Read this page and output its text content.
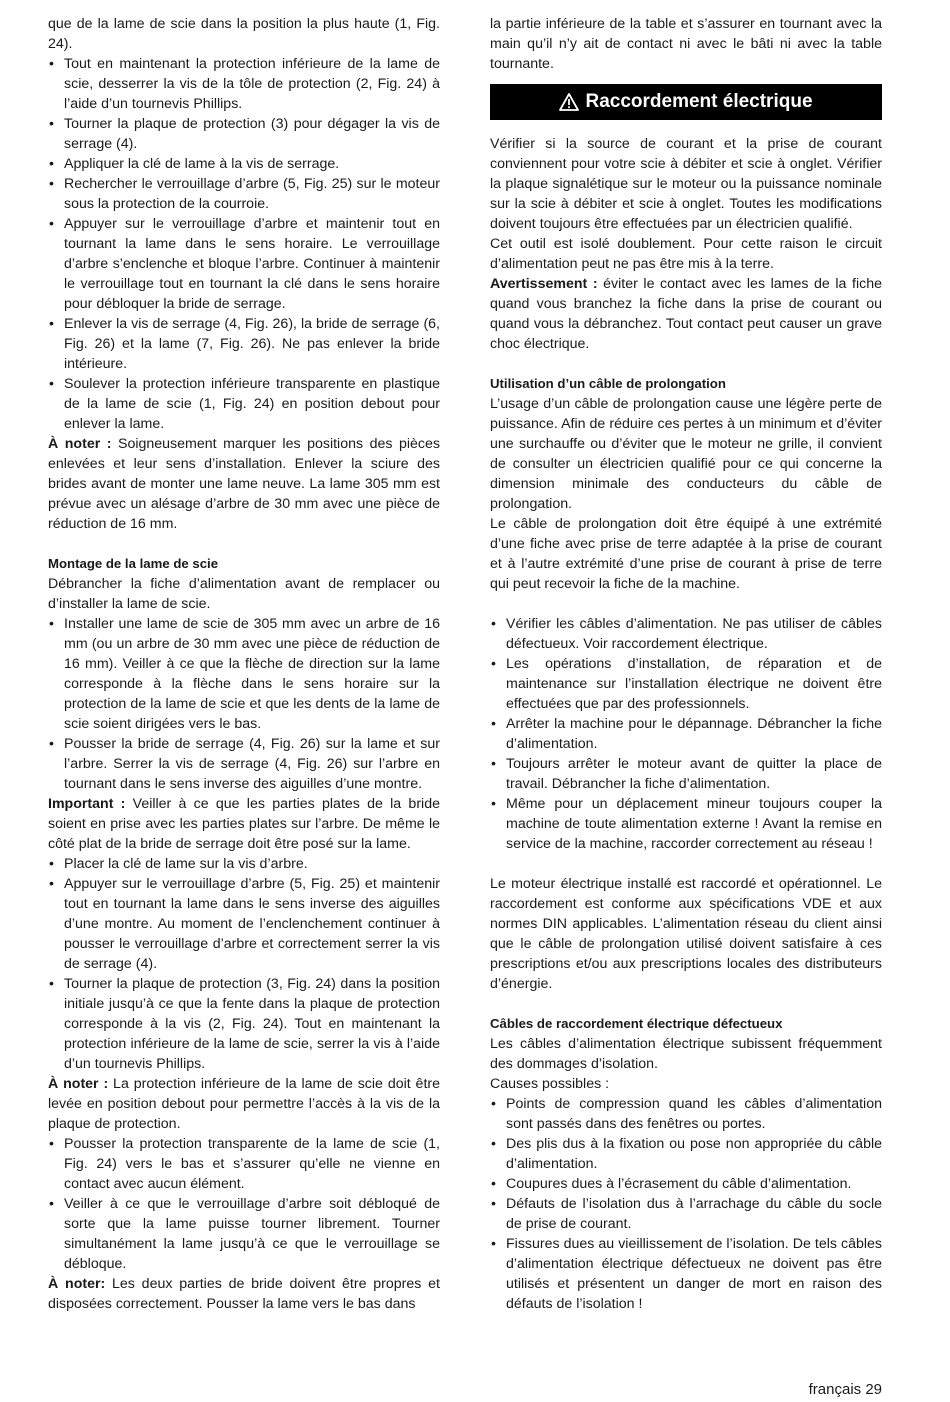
que de la lame de scie dans la position la plus haute (1, Fig. 24).

• Tout en maintenant la protection inférieure de la lame de scie, desserrer la vis de la tôle de protection (2, Fig. 24) à l’aide d’un tournevis Phillips.
• Tourner la plaque de protection (3) pour dégager la vis de serrage (4).
• Appliquer la clé de lame à la vis de serrage.
• Rechercher le verrouillage d’arbre (5, Fig. 25) sur le moteur sous la protection de la courroie.
• Appuyer sur le verrouillage d’arbre et maintenir tout en tournant la lame dans le sens horaire. Le verrouillage d’arbre s’enclenche et bloque l’arbre. Continuer à maintenir le verrouillage tout en tournant la clé dans le sens horaire pour débloquer la bride de serrage.
• Enlever la vis de serrage (4, Fig. 26), la bride de serrage (6, Fig. 26) et la lame (7, Fig. 26). Ne pas enlever la bride intérieure.
• Soulever la protection inférieure transparente en plastique de la lame de scie (1, Fig. 24) en position debout pour enlever la lame.

À noter : Soigneusement marquer les positions des pièces enlevées et leur sens d’installation. Enlever la sciure des brides avant de monter une lame neuve. La lame 305 mm est prévue avec un alésage d’arbre de 30 mm avec une pièce de réduction de 16 mm.

Montage de la lame de scie

Débrancher la fiche d’alimentation avant de remplacer ou d’installer la lame de scie.

• Installer une lame de scie de 305 mm avec un arbre de 16 mm (ou un arbre de 30 mm avec une pièce de réduction de 16 mm). Veiller à ce que la flèche de direction sur la lame corresponde à la flèche dans le sens horaire sur la protection de la lame de scie et que les dents de la lame de scie soient dirigées vers le bas.
• Pousser la bride de serrage (4, Fig. 26) sur la lame et sur l’arbre. Serrer la vis de serrage (4, Fig. 26) sur l’arbre en tournant dans le sens inverse des aiguilles d’une montre.

Important : Veiller à ce que les parties plates de la bride soient en prise avec les parties plates sur l’arbre. De même le côté plat de la bride de serrage doit être posé sur la lame.

• Placer la clé de lame sur la vis d’arbre.
• Appuyer sur le verrouillage d’arbre (5, Fig. 25) et maintenir tout en tournant la lame dans le sens inverse des aiguilles d’une montre. Au moment de l’enclenchement continuer à pousser le verrouillage d’arbre et correctement serrer la vis de serrage (4).
• Tourner la plaque de protection (3, Fig. 24) dans la position initiale jusqu’à ce que la fente dans la plaque de protection corresponde à la vis (2, Fig. 24). Tout en maintenant la protection inférieure de la lame de scie, serrer la vis à l’aide d’un tournevis Phillips.

À noter : La protection inférieure de la lame de scie doit être levée en position debout pour permettre l’accès à la vis de la plaque de protection.

• Pousser la protection transparente de la lame de scie (1, Fig. 24) vers le bas et s’assurer qu’elle ne vienne en contact avec aucun élément.
• Veiller à ce que le verrouillage d’arbre soit débloqué de sorte que la lame puisse tourner librement. Tourner simultanément la lame jusqu’à ce que le verrouillage se débloque.

À noter: Les deux parties de bride doivent être propres et disposées correctement. Pousser la lame vers le bas dans

la partie inférieure de la table et s’assurer en tournant avec la main qu’il n’y ait de contact ni avec le bâti ni avec la table tournante.

Raccordement électrique

Vérifier si la source de courant et la prise de courant conviennent pour votre scie à débiter et scie à onglet. Vérifier la plaque signalétique sur le moteur ou la puissance nominale sur la scie à débiter et scie à onglet. Toutes les modifications doivent toujours être effectuées par un électricien qualifié.

Cet outil est isolé doublement. Pour cette raison le circuit d’alimentation peut ne pas être mis à la terre.

Avertissement : éviter le contact avec les lames de la fiche quand vous branchez la fiche dans la prise de courant ou quand vous la débranchez. Tout contact peut causer un grave choc électrique.

Utilisation d’un câble de prolongation

L’usage d’un câble de prolongation cause une légère perte de puissance. Afin de réduire ces pertes à un minimum et d’éviter une surchauffe ou d’éviter que le moteur ne grille, il convient de consulter un électricien qualifié pour ce qui concerne la dimension minimale des conducteurs du câble de prolongation.

Le câble de prolongation doit être équipé à une extrémité d’une fiche avec prise de terre adaptée à la prise de courant et à l’autre extrémité d’une prise de courant à prise de terre qui peut recevoir la fiche de la machine.

• Vérifier les câbles d’alimentation. Ne pas utiliser de câbles défectueux. Voir raccordement électrique.
• Les opérations d’installation, de réparation et de maintenance sur l’installation électrique ne doivent être effectuées que par des professionnels.
• Arrêter la machine pour le dépannage. Débrancher la fiche d’alimentation.
• Toujours arrêter le moteur avant de quitter la place de travail. Débrancher la fiche d’alimentation.
• Même pour un déplacement mineur toujours couper la machine de toute alimentation externe ! Avant la remise en service de la machine, raccorder correctement au réseau !

Le moteur électrique installé est raccordé et opérationnel. Le raccordement est conforme aux spécifications VDE et aux normes DIN applicables. L’alimentation réseau du client ainsi que le câble de prolongation utilisé doivent satisfaire à ces prescriptions et/ou aux prescriptions locales des distributeurs d’énergie.

Câbles de raccordement électrique défectueux

Les câbles d’alimentation électrique subissent fréquemment des dommages d’isolation.

Causes possibles :

• Points de compression quand les câbles d’alimentation sont passés dans des fenêtres ou portes.
• Des plis dus à la fixation ou pose non appropriée du câble d’alimentation.
• Coupures dues à l’écrasement du câble d’alimentation.
• Défauts de l’isolation dus à l’arrachage du câble du socle de prise de courant.
• Fissures dues au vieillissement de l’isolation. De tels câbles d’alimentation électrique défectueux ne doivent pas être utilisés et présentent un danger de mort en raison des défauts de l’isolation !
français 29
